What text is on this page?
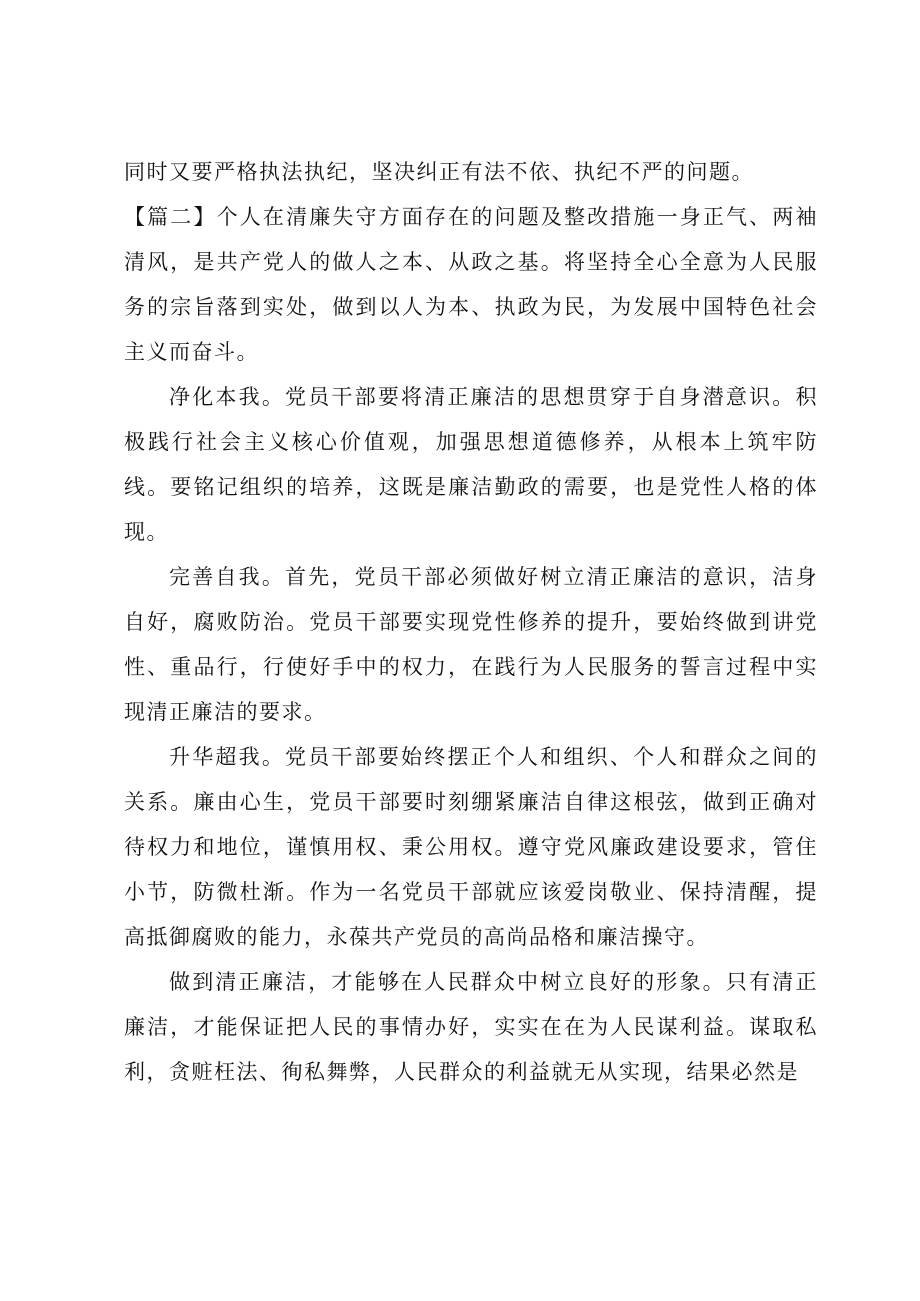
同时又要严格执法执纪，坚决纠正有法不依、执纪不严的问题。

【篇二】个人在清廉失守方面存在的问题及整改措施一身正气、两袖清风，是共产党人的做人之本、从政之基。将坚持全心全意为人民服务的宗旨落到实处，做到以人为本、执政为民，为发展中国特色社会主义而奋斗。

净化本我。党员干部要将清正廉洁的思想贯穿于自身潜意识。积极践行社会主义核心价值观，加强思想道德修养，从根本上筑牢防线。要铭记组织的培养，这既是廉洁勤政的需要，也是党性人格的体现。

完善自我。首先，党员干部必须做好树立清正廉洁的意识，洁身自好，腐败防治。党员干部要实现党性修养的提升，要始终做到讲党性、重品行，行使好手中的权力，在践行为人民服务的誓言过程中实现清正廉洁的要求。

升华超我。党员干部要始终摆正个人和组织、个人和群众之间的关系。廉由心生，党员干部要时刻绷紧廉洁自律这根弦，做到正确对待权力和地位，谨慎用权、秉公用权。遵守党风廉政建设要求，管住小节，防微杜渐。作为一名党员干部就应该爱岗敬业、保持清醒，提高抵御腐败的能力，永葆共产党员的高尚品格和廉洁操守。

做到清正廉洁，才能够在人民群众中树立良好的形象。只有清正廉洁，才能保证把人民的事情办好，实实在在为人民谋利益。谋取私利，贪赃枉法、徇私舞弊，人民群众的利益就无从实现，结果必然是
